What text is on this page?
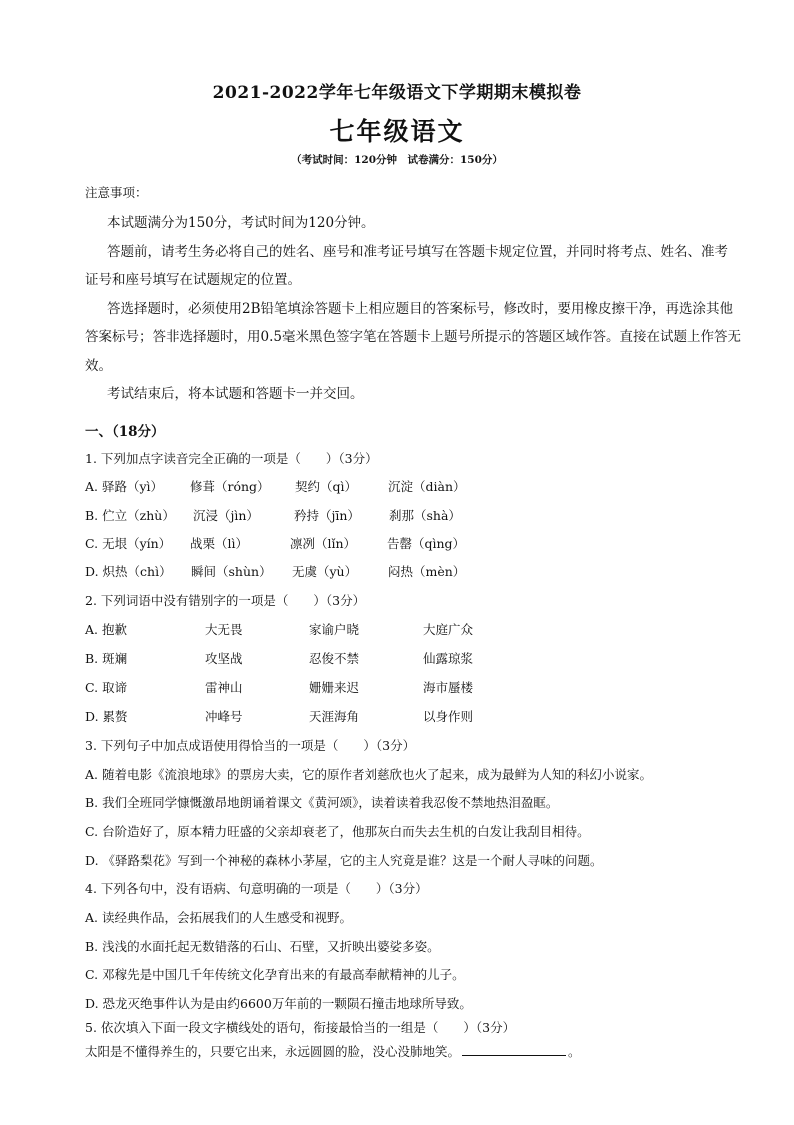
2021-2022学年七年级语文下学期期末模拟卷
七年级语文
（考试时间：120分钟　试卷满分：150分）
注意事项：
本试题满分为150分，考试时间为120分钟。
答题前，请考生务必将自己的姓名、座号和准考证号填写在答题卡规定位置，并同时将考点、姓名、准考
证号和座号填写在试题规定的位置。
答选择题时，必须使用2B铅笔填涂答题卡上相应题目的答案标号，修改时，要用橡皮擦干净，再选涂其他
答案标号；答非选择题时，用0.5毫米黑色签字笔在答题卡上题号所提示的答题区域作答。直接在试题上作答无
效。
考试结束后，将本试题和答题卡一并交回。
一、（18分）
1. 下列加点字读音完全正确的一项是（　　）（3分）
A. 驿路（yì） 修葺（róng） 契约（qì） 沉淀（diàn）
B. 伫立（zhù） 沉浸（jìn）	矜持（jīn） 刹那（shà）
C. 无垠（yín） 战栗（lì）	凛冽（lǐn） 告罄（qìng）
D. 炽热（chì） 瞬间（shùn） 无虞（yù） 闷热（mèn）
2. 下列词语中没有错别字的一项是（　　）（3分）
A. 抱歉	大无畏	家谕户晓	大庭广众
B. 斑斓	攻坚战	忍俊不禁	仙露琼浆
C. 取谛	雷神山	姗姗来迟	海市蜃楼
D. 累赘	冲峰号	天涯海角	以身作则
3. 下列句子中加点成语使用得恰当的一项是（　　）（3分）
A. 随着电影《流浪地球》的票房大卖，它的原作者刘慈欣也火了起来，成为最鲜为人知的科幻小说家。
B. 我们全班同学慷慨激昂地朗诵着课文《黄河颂》，读着读着我忍俊不禁地热泪盈眶。
C. 台阶造好了，原本精力旺盛的父亲却衰老了，他那灰白而失去生机的白发让我刮目相待。
D. 《驿路梨花》写到一个神秘的森林小茅屋，它的主人究竟是谁？这是一个耐人寻味的问题。
4. 下列各句中，没有语病、句意明确的一项是（　　）（3分）
A. 读经典作品，会拓展我们的人生感受和视野。
B. 浅浅的水面托起无数错落的石山、石壁，又折映出婆娑多姿。
C. 邓稼先是中国几千年传统文化孕育出来的有最高奉献精神的儿子。
D. 恐龙灭绝事件认为是由约6600万年前的一颗陨石撞击地球所导致。
5. 依次填入下面一段文字横线处的语句，衔接最恰当的一组是（　　）（3分）
太阳是不懂得养生的，只要它出来，永远圆圆的脸，没心没肺地笑。	。
